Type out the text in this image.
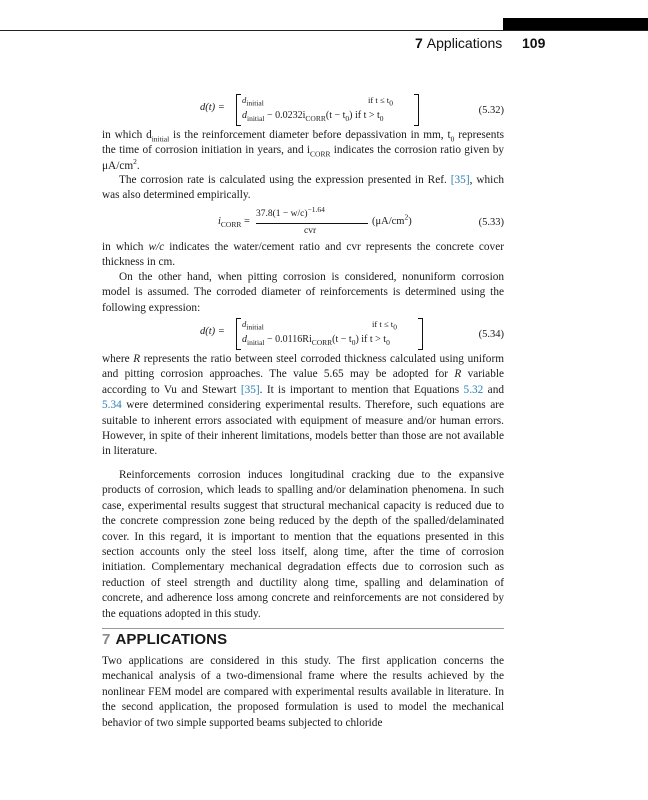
7 Applications 109
d(t) =
$d_{initial}$	if $t \le t_0$
$d_{initial} - 0.0232i_{CORR}(t - t_0)$ if $t > t_0$
(5.32)
in which $d_{initial}$ is the reinforcement diameter before depassivation in mm, $t_0$ represents the time of corrosion initiation in years, and $i_{CORR}$ indicates the corrosion ratio given by $\mu A/cm^2$.
The corrosion rate is calculated using the expression presented in Ref. [35], which was also determined empirically.
$i_{CORR}$ =
$37.8(1 - w/c)^{-1.64}$
cvr
$(\mu A/cm^2)$	(5.33)
in which w/c indicates the water/cement ratio and cvr represents the concrete cover thickness in cm.
On the other hand, when pitting corrosion is considered, nonuniform corrosion model is assumed. The corroded diameter of reinforcements is determined using the following expression:
d(t) =
$d_{initial}$	if $t \le t_0$
$d_{initial} - 0.0116Ri_{CORR}(t - t_0)$ if $t > t_0$
(5.34)
where R represents the ratio between steel corroded thickness calculated using uniform and pitting corrosion approaches. The value 5.65 may be adopted for R variable according to Vu and Stewart [35]. It is important to mention that Equations 5.32 and 5.34 were determined considering experimental results. Therefore, such equations are suitable to inherent errors associated with equipment of measure and/or human errors. However, in spite of their inherent limitations, models better than those are not available in literature.
Reinforcements corrosion induces longitudinal cracking due to the expansive products of corrosion, which leads to spalling and/or delamination phenomena. In such case, experimental results suggest that structural mechanical capacity is reduced due to the concrete compression zone being reduced by the depth of the spalled/delaminated cover. In this regard, it is important to mention that the equations presented in this section accounts only the steel loss itself, along time, after the time of corrosion initiation. Complementary mechanical degradation effects due to corrosion such as reduction of steel strength and ductility along time, spalling and delamination of concrete, and adherence loss among concrete and reinforcements are not considered by the equations adopted in this study.
7 APPLICATIONS
Two applications are considered in this study. The first application concerns the mechanical analysis of a two-dimensional frame where the results achieved by the nonlinear FEM model are compared with experimental results available in literature. In the second application, the proposed formulation is used to model the mechanical behavior of two simple supported beams subjected to chloride
